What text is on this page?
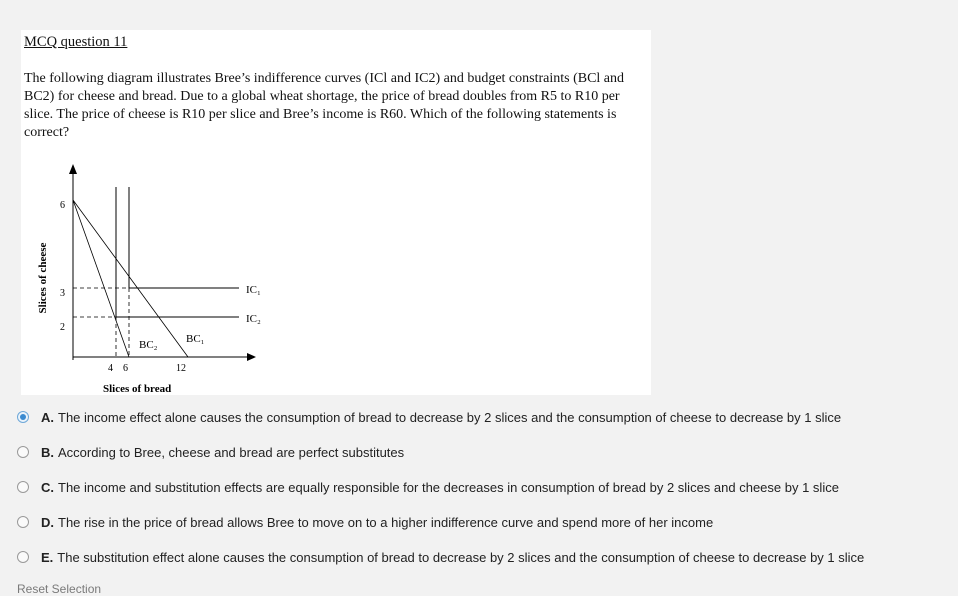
MCQ question 11
The following diagram illustrates Bree’s indifference curves (ICl and IC2) and budget constraints (BCl and BC2) for cheese and bread. Due to a global wheat shortage, the price of bread doubles from R5 to R10 per slice. The price of cheese is R10 per slice and Bree’s income is R60. Which of the following statements is correct?
6
3
2
4 6	12
IC₁
IC₂
BC₂	BC₁
Slices of bread
Slices of cheese
A. The income effect alone causes the consumption of bread to decrease by 2 slices and the consumption of cheese to decrease by 1 slice
B. According to Bree, cheese and bread are perfect substitutes
C. The income and substitution effects are equally responsible for the decreases in consumption of bread by 2 slices and cheese by 1 slice
D. The rise in the price of bread allows Bree to move on to a higher indifference curve and spend more of her income
E. The substitution effect alone causes the consumption of bread to decrease by 2 slices and the consumption of cheese to decrease by 1 slice
Reset Selection
